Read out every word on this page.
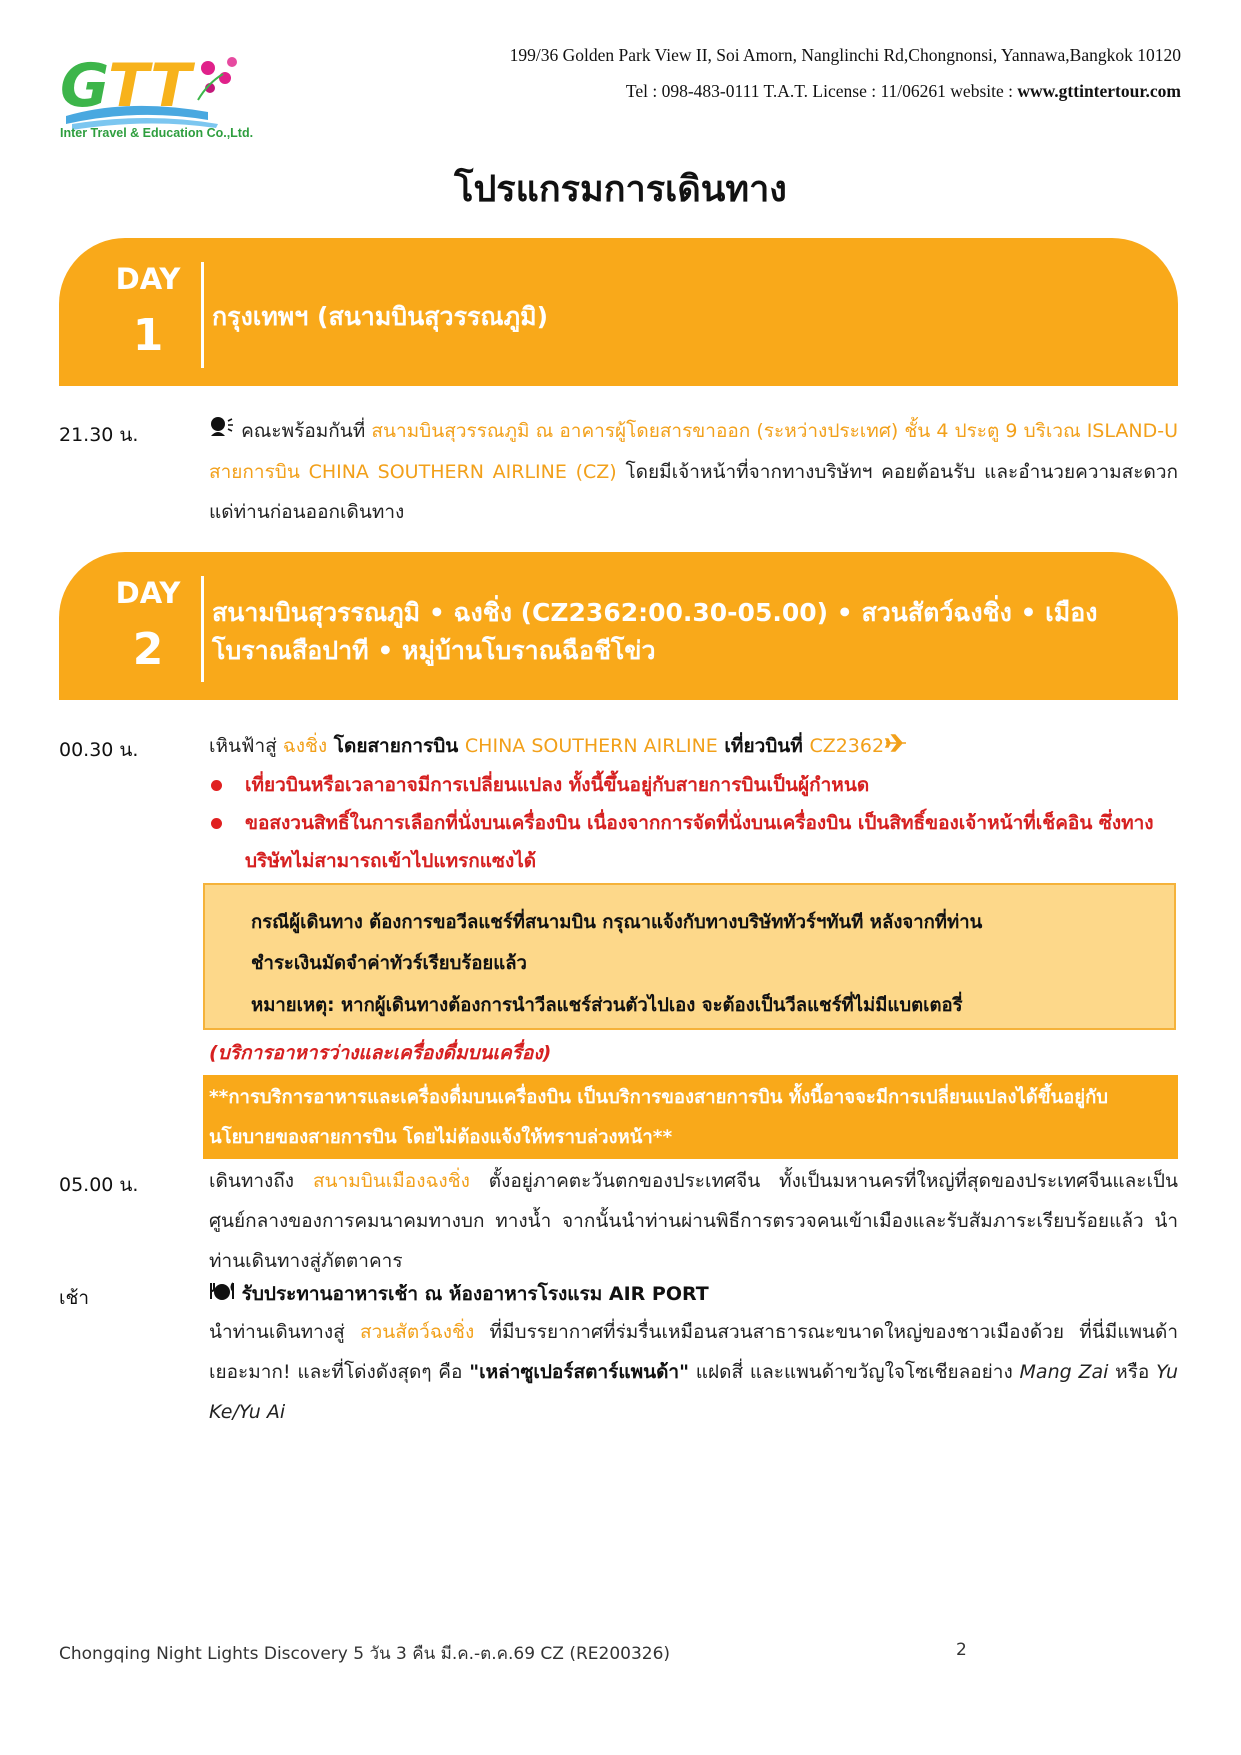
G
TT
Inter Travel & Education Co.,Ltd.
199/36 Golden Park View II, Soi Amorn, Nanglinchi Rd,Chongnonsi, Yannawa,Bangkok 10120
Tel : 098-483-0111 T.A.T. License : 11/06261 website : www.gttintertour.com
โปรแกรมการเดินทาง
DAY
1	กรุงเทพฯ (สนามบินสุวรรณภูมิ)
21.30 น.	คณะพร้อมกันที่ สนามบินสุวรรณภูมิ ณ อาคารผู้โดยสารขาออก (ระหว่างประเทศ) ชั้น 4 ประตู 9 บริเวณ ISLAND-U สายการบิน CHINA SOUTHERN AIRLINE (CZ) โดยมีเจ้าหน้าที่จากทางบริษัทฯ คอยต้อนรับ และอำนวยความสะดวกแด่ท่านก่อนออกเดินทาง
DAY
2
สนามบินสุวรรณภูมิ • ฉงชิ่ง (CZ2362:00.30-05.00) • สวนสัตว์ฉงชิ่ง • เมือง
โบราณสือปาที • หมู่บ้านโบราณฉือชีโข่ว
00.30 น.	เหินฟ้าสู่ ฉงชิ่ง โดยสายการบิน CHINA SOUTHERN AIRLINE เที่ยวบินที่ CZ2362
เที่ยวบินหรือเวลาอาจมีการเปลี่ยนแปลง ทั้งนี้ขึ้นอยู่กับสายการบินเป็นผู้กำหนด
ขอสงวนสิทธิ์ในการเลือกที่นั่งบนเครื่องบิน เนื่องจากการจัดที่นั่งบนเครื่องบิน เป็นสิทธิ์ของเจ้าหน้าที่เช็คอิน ซึ่งทางบริษัทไม่สามารถเข้าไปแทรกแซงได้
กรณีผู้เดินทาง ต้องการขอวีลแชร์ที่สนามบิน กรุณาแจ้งกับทางบริษัททัวร์ฯทันที หลังจากที่ท่าน
ชำระเงินมัดจำค่าทัวร์เรียบร้อยแล้ว
หมายเหตุ: หากผู้เดินทางต้องการนำวีลแชร์ส่วนตัวไปเอง จะต้องเป็นวีลแชร์ที่ไม่มีแบตเตอรี่
(บริการอาหารว่างและเครื่องดื่มบนเครื่อง)
**การบริการอาหารและเครื่องดื่มบนเครื่องบิน เป็นบริการของสายการบิน ทั้งนี้อาจจะมีการเปลี่ยนแปลงได้ขึ้นอยู่กับ
นโยบายของสายการบิน โดยไม่ต้องแจ้งให้ทราบล่วงหน้า**
05.00 น.	เดินทางถึง สนามบินเมืองฉงชิ่ง ตั้งอยู่ภาคตะวันตกของประเทศจีน ทั้งเป็นมหานครที่ใหญ่ที่สุดของประเทศจีนและเป็นศูนย์กลางของการคมนาคมทางบก ทางน้ำ จากนั้นนำท่านผ่านพิธีการตรวจคนเข้าเมืองและรับสัมภาระเรียบร้อยแล้ว นำท่านเดินทางสู่ภัตตาคาร
เช้า	รับประทานอาหารเช้า ณ ห้องอาหารโรงแรม AIR PORT
นำท่านเดินทางสู่ สวนสัตว์ฉงชิ่ง ที่มีบรรยากาศที่ร่มรื่นเหมือนสวนสาธารณะขนาดใหญ่ของชาวเมืองด้วย ที่นี่มีแพนด้าเยอะมาก! และที่โด่งดังสุดๆ คือ "เหล่าซูเปอร์สตาร์แพนด้า" แฝดสี่ และแพนด้าขวัญใจโซเชียลอย่าง Mang Zai หรือ Yu Ke/Yu Ai
Chongqing Night Lights Discovery 5 วัน 3 คืน มี.ค.-ต.ค.69 CZ (RE200326)	2
